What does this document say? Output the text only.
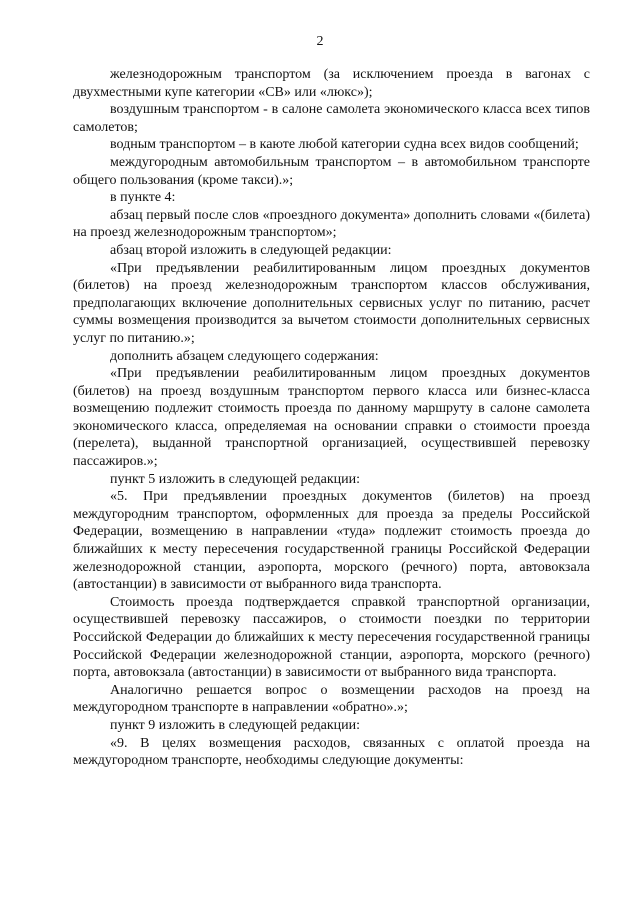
2

железнодорожным транспортом (за исключением проезда в вагонах с двухместными купе категории «СВ» или «люкс»);

воздушным транспортом - в салоне самолета экономического класса всех типов самолетов;

водным транспортом – в каюте любой категории судна всех видов сообщений;

междугородным автомобильным транспортом – в автомобильном транспорте общего пользования (кроме такси).»;

в пункте 4:

абзац первый после слов «проездного документа» дополнить словами «(билета) на проезд железнодорожным транспортом»;

абзац второй изложить в следующей редакции:

«При предъявлении реабилитированным лицом проездных документов (билетов) на проезд железнодорожным транспортом классов обслуживания, предполагающих включение дополнительных сервисных услуг по питанию, расчет суммы возмещения производится за вычетом стоимости дополнительных сервисных услуг по питанию.»;

дополнить абзацем следующего содержания:

«При предъявлении реабилитированным лицом проездных документов (билетов) на проезд воздушным транспортом первого класса или бизнес-класса возмещению подлежит стоимость проезда по данному маршруту в салоне самолета экономического класса, определяемая на основании справки о стоимости проезда (перелета), выданной транспортной организацией, осуществившей перевозку пассажиров.»;

пункт 5 изложить в следующей редакции:

«5. При предъявлении проездных документов (билетов) на проезд междугородним транспортом, оформленных для проезда за пределы Российской Федерации, возмещению в направлении «туда» подлежит стоимость проезда до ближайших к месту пересечения государственной границы Российской Федерации железнодорожной станции, аэропорта, морского (речного) порта, автовокзала (автостанции) в зависимости от выбранного вида транспорта.

Стоимость проезда подтверждается справкой транспортной организации, осуществившей перевозку пассажиров, о стоимости поездки по территории Российской Федерации до ближайших к месту пересечения государственной границы Российской Федерации железнодорожной станции, аэропорта, морского (речного) порта, автовокзала (автостанции) в зависимости от выбранного вида транспорта.

Аналогично решается вопрос о возмещении расходов на проезд на междугородном транспорте в направлении «обратно».»;

пункт 9 изложить в следующей редакции:

«9. В целях возмещения расходов, связанных с оплатой проезда на междугородном транспорте, необходимы следующие документы:
